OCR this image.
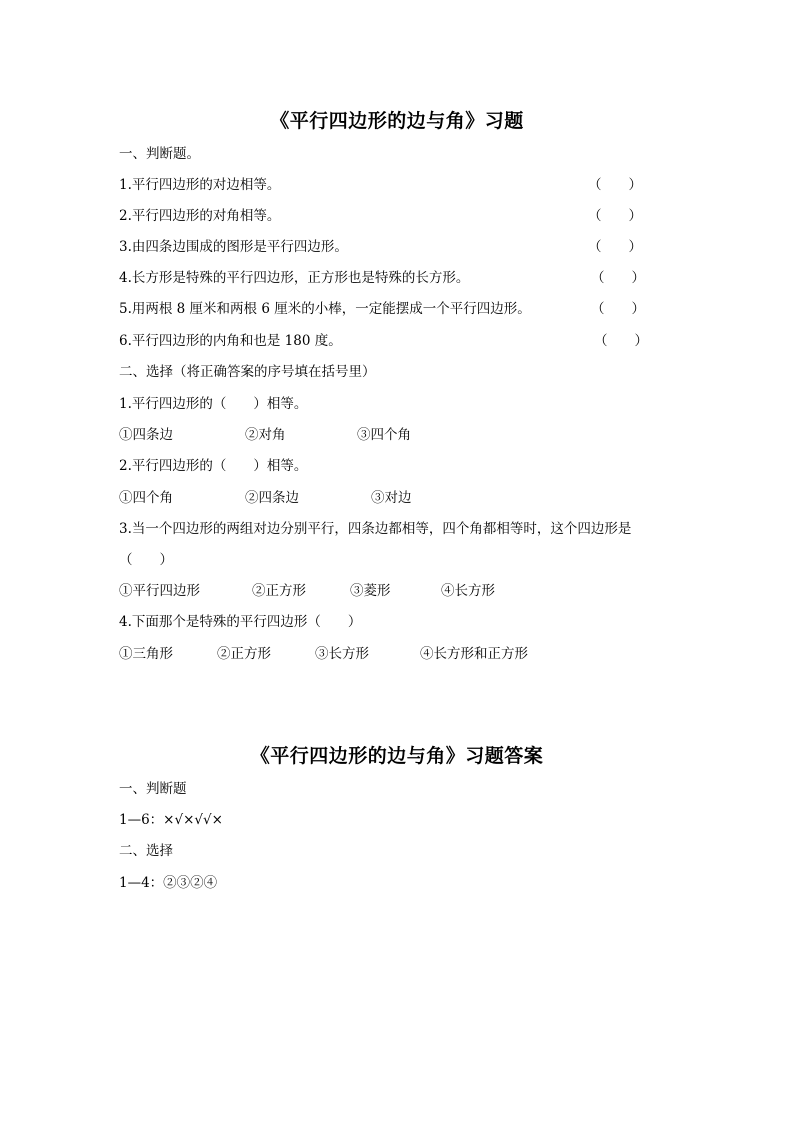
《平行四边形的边与角》习题
一、判断题。
1.平行四边形的对边相等。	（　　）
2.平行四边形的对角相等。	（　　）
3.由四条边围成的图形是平行四边形。	（　　）
4.长方形是特殊的平行四边形，正方形也是特殊的长方形。	（　　）
5.用两根 8 厘米和两根 6 厘米的小棒，一定能摆成一个平行四边形。	（　　）
6.平行四边形的内角和也是 180 度。	（　　）
二、选择（将正确答案的序号填在括号里）
1.平行四边形的（　　）相等。
①四条边	②对角	③四个角
2.平行四边形的（　　）相等。
①四个角	②四条边	③对边
3.当一个四边形的两组对边分别平行，四条边都相等，四个角都相等时，这个四边形是
（　　）
①平行四边形	②正方形	③菱形	④长方形
4.下面那个是特殊的平行四边形（　　）
①三角形	②正方形	③长方形	④长方形和正方形
《平行四边形的边与角》习题答案
一、判断题
1—6：×√×√√×
二、选择
1—4：②③②④
